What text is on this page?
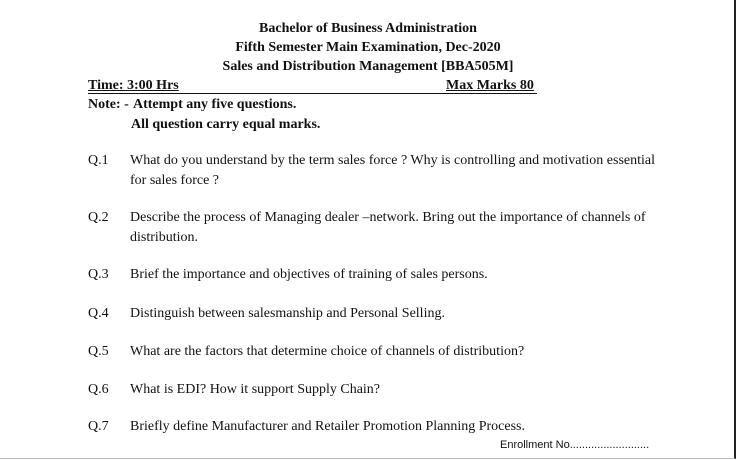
Bachelor of Business Administration
Fifth Semester Main Examination, Dec-2020
Sales and Distribution Management [BBA505M]
Time: 3:00 Hrs	Max Marks 80
Note: - Attempt any five questions.
All question carry equal marks.
Q.1 What do you understand by the term sales force ? Why is controlling and motivation essential for sales force ?
Q.2 Describe the process of Managing dealer –network. Bring out the importance of channels of distribution.
Q.3 Brief the importance and objectives of training of sales persons.
Q.4 Distinguish between salesmanship and Personal Selling.
Q.5 What are the factors that determine choice of channels of distribution?
Q.6 What is EDI? How it support Supply Chain?
Q.7 Briefly define Manufacturer and Retailer Promotion Planning Process.
Enrollment No..........................
